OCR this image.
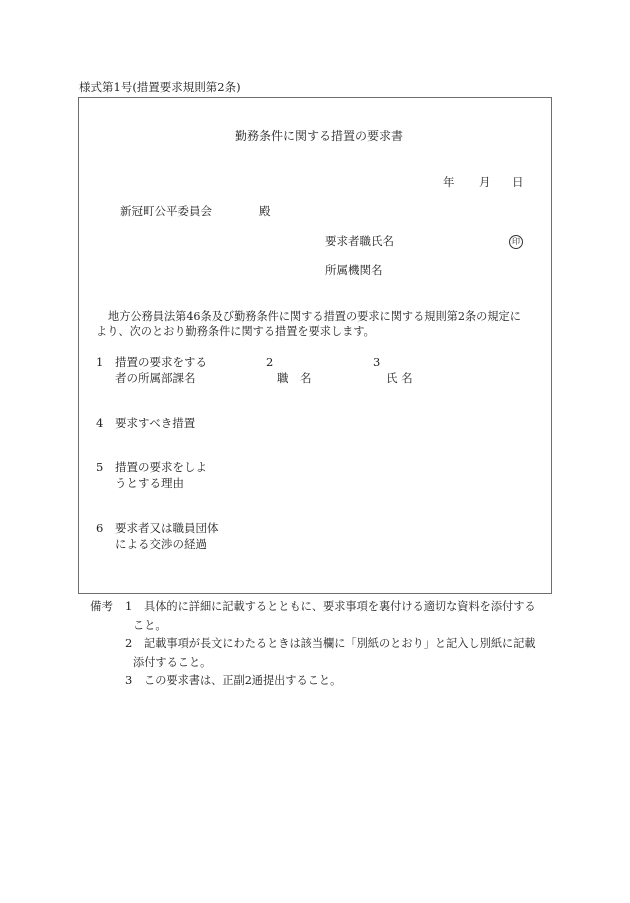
様式第1号(措置要求規則第2条)
勤務条件に関する措置の要求書
年 月 日
新冠町公平委員会	殿
要求者職氏名	印
所属機関名
地方公務員法第46条及び勤務条件に関する措置の要求に関する規則第2条の規定に
より、次のとおり勤務条件に関する措置を要求します。
1 措置の要求をする
者の所属部課名
2
職　名
3
氏 名
4 要求すべき措置
5 措置の要求をしよ
うとする理由
6 要求者又は職員団体
による交渉の経過
備考 1 具体的に詳細に記載するとともに、要求事項を裏付ける適切な資料を添付する
こと。
2 記載事項が長文にわたるときは該当欄に「別紙のとおり」と記入し別紙に記載
添付すること。
3 この要求書は、正副2通提出すること。
